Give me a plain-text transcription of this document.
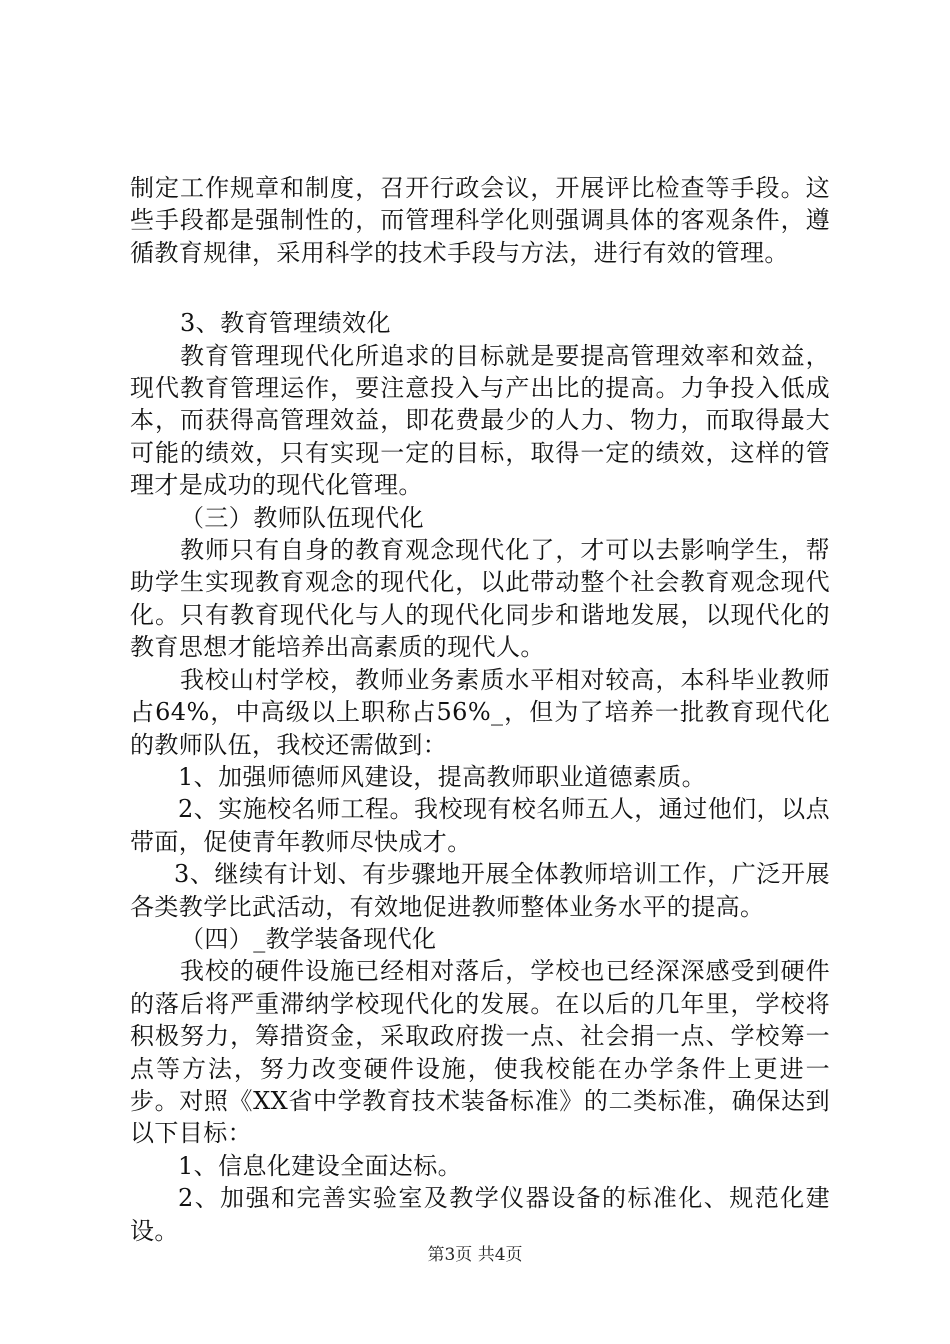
制定工作规章和制度，召开行政会议，开展评比检查等手段。这些手段都是强制性的，而管理科学化则强调具体的客观条件，遵循教育规律，采用科学的技术手段与方法，进行有效的管理。

3、教育管理绩效化

教育管理现代化所追求的目标就是要提高管理效率和效益，现代教育管理运作，要注意投入与产出比的提高。力争投入低成本，而获得高管理效益，即花费最少的人力、物力，而取得最大可能的绩效，只有实现一定的目标，取得一定的绩效，这样的管理才是成功的现代化管理。

（三）教师队伍现代化

教师只有自身的教育观念现代化了，才可以去影响学生，帮助学生实现教育观念的现代化，以此带动整个社会教育观念现代化。只有教育现代化与人的现代化同步和谐地发展，以现代化的教育思想才能培养出高素质的现代人。

我校山村学校，教师业务素质水平相对较高，本科毕业教师占64%，中高级以上职称占56%_，但为了培养一批教育现代化的教师队伍，我校还需做到：

1、加强师德师风建设，提高教师职业道德素质。

2、实施校名师工程。我校现有校名师五人，通过他们，以点带面，促使青年教师尽快成才。

3、继续有计划、有步骤地开展全体教师培训工作，广泛开展各类教学比武活动，有效地促进教师整体业务水平的提高。

（四）_教学装备现代化

我校的硬件设施已经相对落后，学校也已经深深感受到硬件的落后将严重滞纳学校现代化的发展。在以后的几年里，学校将积极努力，筹措资金，采取政府拨一点、社会捐一点、学校筹一点等方法，努力改变硬件设施，使我校能在办学条件上更进一步。对照《XX省中学教育技术装备标准》的二类标准，确保达到以下目标：

1、信息化建设全面达标。

2、加强和完善实验室及教学仪器设备的标准化、规范化建设。

第3页 共4页
